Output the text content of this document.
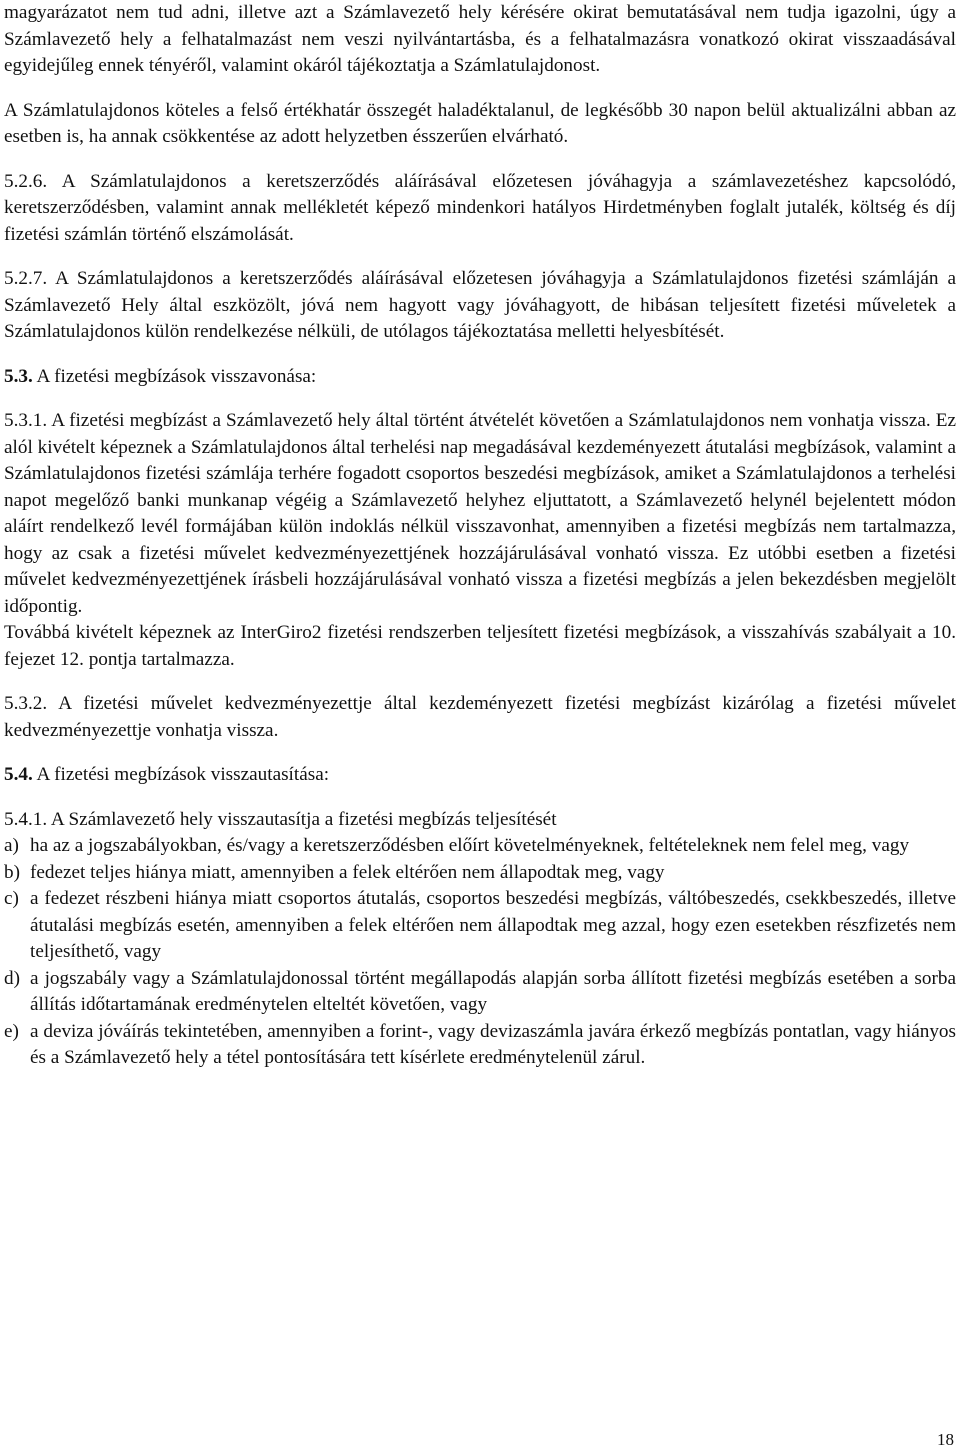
magyarázatot nem tud adni, illetve azt a Számlavezető hely kérésére okirat bemutatásával nem tudja igazolni, úgy a Számlavezető hely a felhatalmazást nem veszi nyilvántartásba, és a felhatalmazásra vonatkozó okirat visszaadásával egyidejűleg ennek tényéről, valamint okáról tájékoztatja a Számlatulajdonost.

A Számlatulajdonos köteles a felső értékhatár összegét haladéktalanul, de legkésőbb 30 napon belül aktualizálni abban az esetben is, ha annak csökkentése az adott helyzetben ésszerűen elvárható.

5.2.6. A Számlatulajdonos a keretszerződés aláírásával előzetesen jóváhagyja a számlavezetéshez kapcsolódó, keretszerződésben, valamint annak mellékletét képező mindenkori hatályos Hirdetményben foglalt jutalék, költség és díj fizetési számlán történő elszámolását.

5.2.7. A Számlatulajdonos a keretszerződés aláírásával előzetesen jóváhagyja a Számlatulajdonos fizetési számláján a Számlavezető Hely által eszközölt, jóvá nem hagyott vagy jóváhagyott, de hibásan teljesített fizetési műveletek a Számlatulajdonos külön rendelkezése nélküli, de utólagos tájékoztatása melletti helyesbítését.

5.3. A fizetési megbízások visszavonása:

5.3.1. A fizetési megbízást a Számlavezető hely által történt átvételét követően a Számlatulajdonos nem vonhatja vissza. Ez alól kivételt képeznek a Számlatulajdonos által terhelési nap megadásával kezdeményezett átutalási megbízások, valamint a Számlatulajdonos fizetési számlája terhére fogadott csoportos beszedési megbízások, amiket a Számlatulajdonos a terhelési napot megelőző banki munkanap végéig a Számlavezető helyhez eljuttatott, a Számlavezető helynél bejelentett módon aláírt rendelkező levél formájában külön indoklás nélkül visszavonhat, amennyiben a fizetési megbízás nem tartalmazza, hogy az csak a fizetési művelet kedvezményezettjének hozzájárulásával vonható vissza. Ez utóbbi esetben a fizetési művelet kedvezményezettjének írásbeli hozzájárulásával vonható vissza a fizetési megbízás a jelen bekezdésben megjelölt időpontig.

Továbbá kivételt képeznek az InterGiro2 fizetési rendszerben teljesített fizetési megbízások, a visszahívás szabályait a 10. fejezet 12. pontja tartalmazza.

5.3.2. A fizetési művelet kedvezményezettje által kezdeményezett fizetési megbízást kizárólag a fizetési művelet kedvezményezettje vonhatja vissza.

5.4. A fizetési megbízások visszautasítása:

5.4.1. A Számlavezető hely visszautasítja a fizetési megbízás teljesítését

a) ha az a jogszabályokban, és/vagy a keretszerződésben előírt követelményeknek, feltételeknek nem felel meg, vagy
b) fedezet teljes hiánya miatt, amennyiben a felek eltérően nem állapodtak meg, vagy
c) a fedezet részbeni hiánya miatt csoportos átutalás, csoportos beszedési megbízás, váltóbeszedés, csekkbeszedés, illetve átutalási megbízás esetén, amennyiben a felek eltérően nem állapodtak meg azzal, hogy ezen esetekben részfizetés nem teljesíthető, vagy
d) a jogszabály vagy a Számlatulajdonossal történt megállapodás alapján sorba állított fizetési megbízás esetében a sorba állítás időtartamának eredménytelen elteltét követően, vagy
e) a deviza jóváírás tekintetében, amennyiben a forint-, vagy devizaszámla javára érkező megbízás pontatlan, vagy hiányos és a Számlavezető hely a tétel pontosítására tett kísérlete eredménytelenül zárul.
18
